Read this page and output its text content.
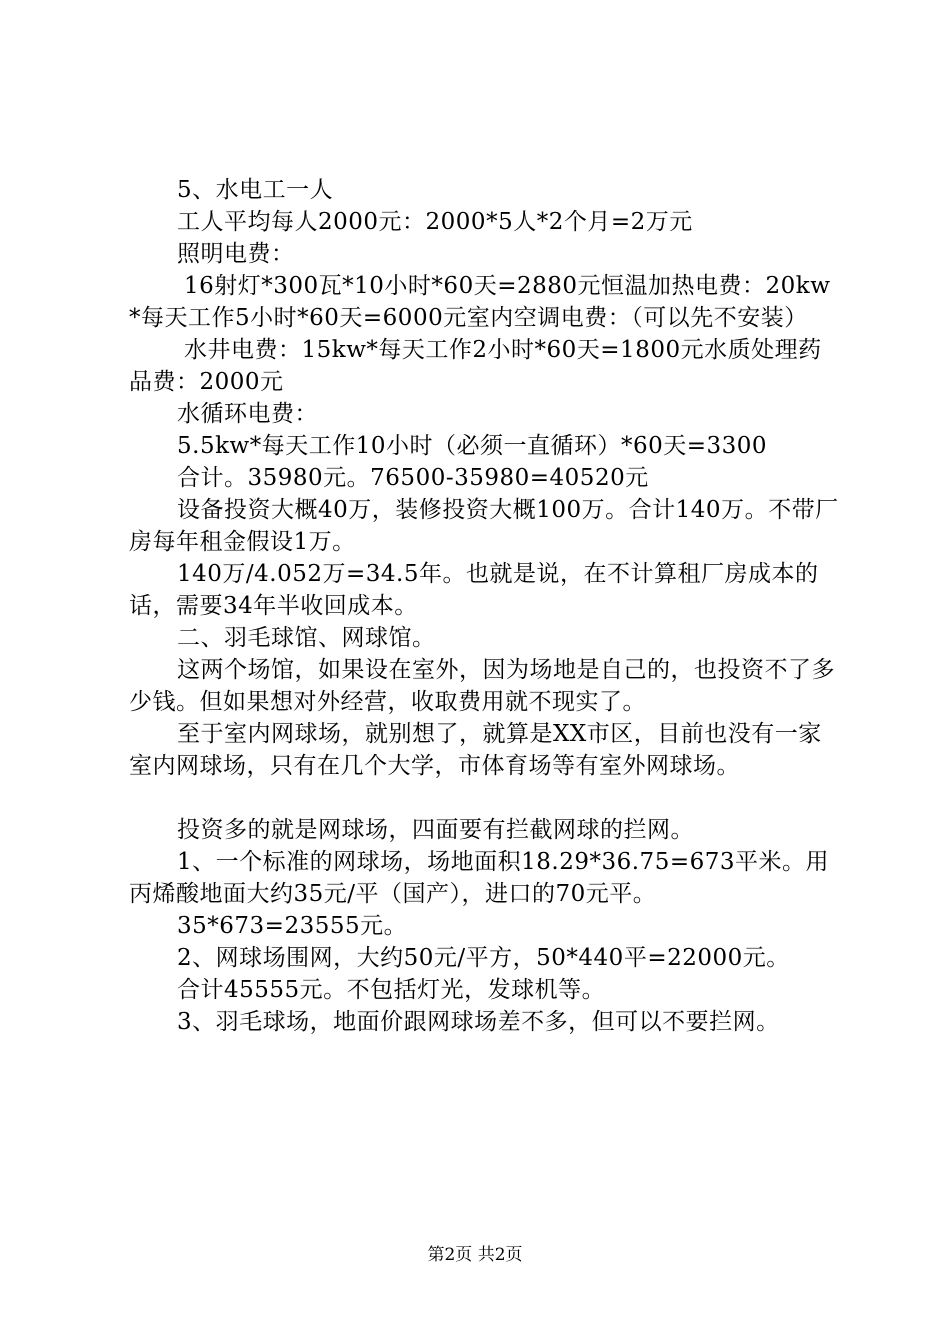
5、水电工一人

工人平均每人2000元：2000*5人*2个月=2万元

照明电费：

16射灯*300瓦*10小时*60天=2880元恒温加热电费：20kw*每天工作5小时*60天=6000元室内空调电费：（可以先不安装）

水井电费：15kw*每天工作2小时*60天=1800元水质处理药品费：2000元

水循环电费：

5.5kw*每天工作10小时（必须一直循环）*60天=3300

合计。35980元。76500-35980=40520元

设备投资大概40万，装修投资大概100万。合计140万。不带厂房每年租金假设1万。

140万/4.052万=34.5年。也就是说，在不计算租厂房成本的话，需要34年半收回成本。

二、羽毛球馆、网球馆。

这两个场馆，如果设在室外，因为场地是自己的，也投资不了多少钱。但如果想对外经营，收取费用就不现实了。

至于室内网球场，就别想了，就算是XX市区，目前也没有一家室内网球场，只有在几个大学，市体育场等有室外网球场。

投资多的就是网球场，四面要有拦截网球的拦网。

1、一个标准的网球场，场地面积18.29*36.75=673平米。用丙烯酸地面大约35元/平（国产），进口的70元平。

35*673=23555元。

2、网球场围网，大约50元/平方，50*440平=22000元。

合计45555元。不包括灯光，发球机等。

3、羽毛球场，地面价跟网球场差不多，但可以不要拦网。

第2页 共2页
